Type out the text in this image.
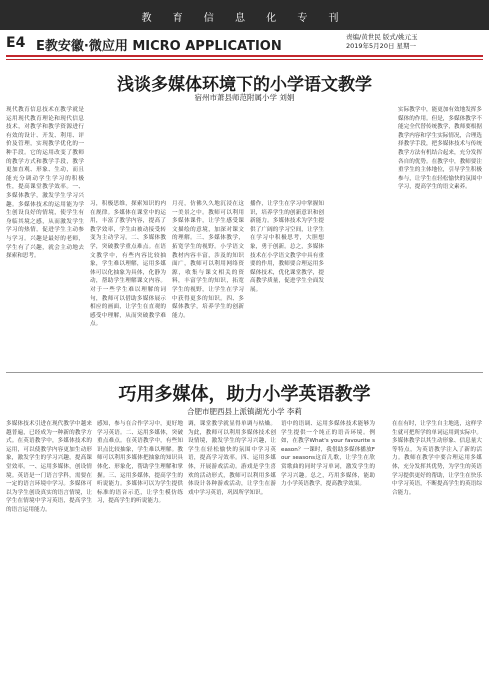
教 育 信 息 化 专 刊
E4 E教安徽·微应用 MICRO APPLICATION
责编/黄世民 版式/姚元玉
2019年5月20日 星期一
浅谈多媒体环境下的小学语文教学
宿州市萧县师范附属小学 刘娟
现代教育信息技术在教学就是运用现代教育理论和现代信息技术，对教学和教学资源进行有效的设计、开发、利用、评价及管理，实现教学优化的一种手段。它的运用改变了教师的教学方式和教学手段，教学更加直观、形象、生动，而且能充分调动学生学习的积极性，提高课堂教学效率。一、多媒体教学，激发学生学习兴趣。多媒体技术的运用能为学生创设良好的情境，使学生有身临其境之感，从而激发学生学习的热情，促进学生主动参与学习。兴趣是最好的老师，学生有了兴趣，就会主动地去探索和思考。
习，积极思维，探索知识的内在规律。多媒体在课堂中的运用，丰富了教学内容，提高了教学效率，学生由被动接受转变为主动学习。二、多媒体教学，突破教学重点难点。在语文教学中，有些内容比较抽象，学生难以理解，运用多媒体可以化抽象为具体，化静为动，帮助学生理解课文内容。对于一些学生难以理解的词句，教师可以借助多媒体展示相应的画面，让学生在直观的感受中理解，从而突破教学难点。
月亮，仿佛久久地沉浸在这一美景之中。教师可以利用多媒体课件，让学生感受课文描绘的意境，加深对课文的理解。三、多媒体教学，拓宽学生的视野。小学语文教材内容丰富，涉及的知识面广，教师可以利用网络资源，收集与课文相关的资料，丰富学生的知识，拓宽学生的视野，让学生在学习中获得更多的知识。四、多媒体教学，培养学生的创新能力。
播作，让学生在学习中掌握知识，培养学生的创新意识和创新能力。多媒体技术为学生提供了广阔的学习空间，让学生在学习中积极思考，大胆想象，勇于创新。总之，多媒体技术在小学语文教学中具有重要的作用，教师要合理运用多媒体技术，优化课堂教学，提高教学质量，促进学生全面发展。
实际教学中，能更加有效地发挥多媒体的作用。但是，多媒体教学不能完全代替传统教学，教师要根据教学内容和学生实际情况，合理选择教学手段，把多媒体技术与传统教学方法有机结合起来，充分发挥各自的优势。在教学中，教师要注重学生的主体地位，引导学生积极参与，让学生在轻松愉快的氛围中学习，提高学生的语文素养。
巧用多媒体，助力小学英语教学
合肥市肥西县上派镇湖光小学 李莉
多媒体技术引进在现代教学中越来越普遍，已经成为一种新的教学方式。在英语教学中，多媒体技术的运用，可以使教学内容更加生动形象，激发学生的学习兴趣，提高课堂效率。一、运用多媒体，创设情境。英语是一门语言学科，需要在一定的语言环境中学习。多媒体可以为学生创设真实的语言情境，让学生在情境中学习英语，提高学生的语言运用能力。
感知，参与在合作学习中，更好地学习英语。二、运用多媒体，突破重点难点。在英语教学中，有些知识点比较抽象，学生难以理解。教师可以利用多媒体把抽象的知识具体化、形象化，帮助学生理解和掌握。三、运用多媒体，提高学生的听说能力。多媒体可以为学生提供标准的语音示范，让学生模仿练习，提高学生的听说能力。
调，课堂教学就显得单调与枯燥。为此，教师可以利用多媒体技术创设情境，激发学生的学习兴趣，让学生在轻松愉快的氛围中学习英语，提高学习效率。四、运用多媒体，开展游戏活动。游戏是学生喜欢的活动形式，教师可以利用多媒体设计各种游戏活动，让学生在游戏中学习英语，巩固所学知识。
语中的语调、运用多媒体技术能够为学生提供一个纯正的语音环境。例如，在教学What's your favourite season？一课时，我借助多媒体播放Four seasons这首儿歌，让学生在欣赏歌曲的同时学习单词，激发学生的学习兴趣。总之，巧用多媒体，能助力小学英语教学，提高教学效果。
在在有时，让学生自主地选，这样学生就可把所学的单词运用到实际中。多媒体教学以其生动形象、信息量大等特点，为英语教学注入了新的活力。教师在教学中要合理运用多媒体，充分发挥其优势，为学生的英语学习提供更好的帮助，让学生在快乐中学习英语，不断提高学生的英语综合能力。
